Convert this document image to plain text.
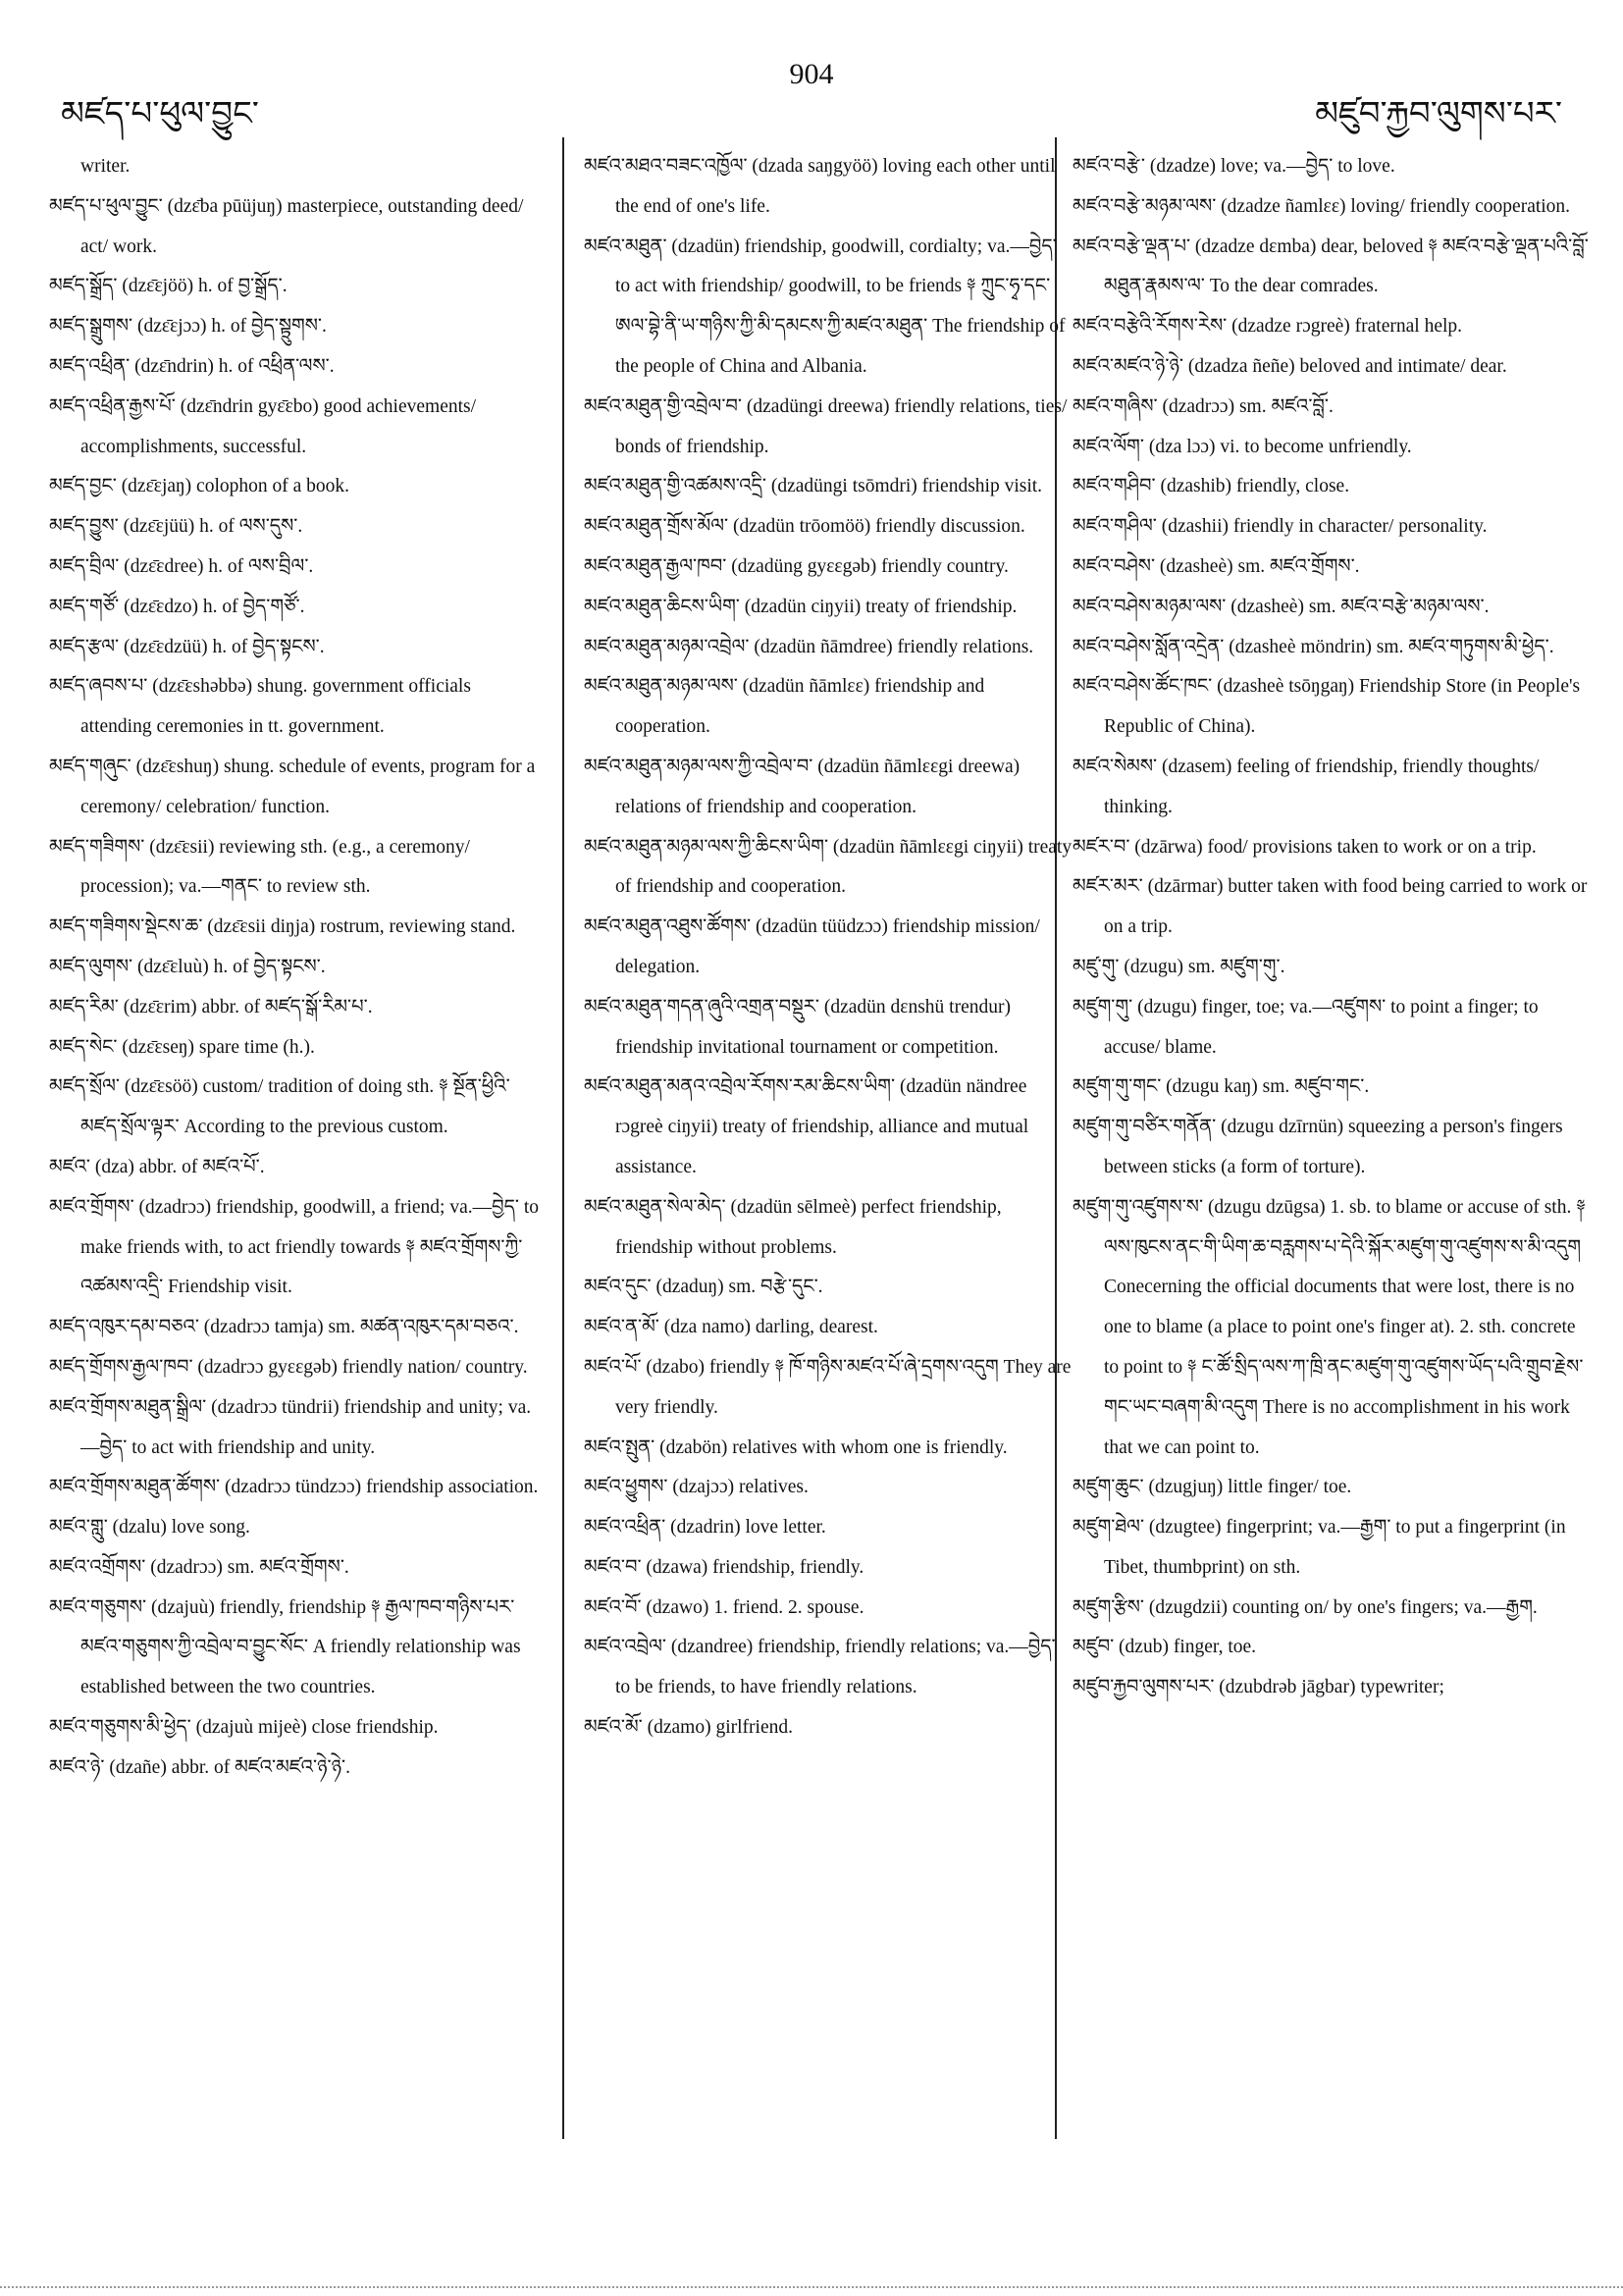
མཛད་པ་ཕུལ་བྱུང་
904
མཛུབ་རྐྱབ་ལུགས་པར་
writer.
མཛད་པ་ཕུལ་བྱུང་ (dzɛ̄ba pūüjuŋ) masterpiece, outstanding deed/ act/ work.
མཛད་སྒྲོད་ (dzɛ̄ɛjöö) h. of བྱ་སྒྲོད་.
མཛད་སྒྲུགས་ (dzɛ̄ɛjɔɔ) h. of བྱེད་སྟྲུགས་.
མཛད་འཕྲིན་ (dzɛ̄ndrin) h. of འཕྲིན་ལས་.
མཛད་འཕྲིན་རྒྱས་པོ་ (dzɛ̄ndrin gyɛ̄ɛbo) good achievements/ accomplishments, successful.
མཛད་བྱང་ (dzɛ̄ɛjaŋ) colophon of a book.
མཛད་བྱུས་ (dzɛ̄ɛjüü) h. of ལས་དུས་.
མཛད་བྲིལ་ (dzɛ̄ɛdree) h. of ལས་བྲིལ་.
མཛད་གཙོ་ (dzɛ̄ɛdzo) h. of བྱེད་གཙོ་.
མཛད་རྩལ་ (dzɛ̄ɛdzüü) h. of བྱེད་སྟངས་.
མཛད་ཞབས་པ་ (dzɛ̄ɛshəbbə) shung. government officials attending ceremonies in tt. government.
མཛད་གཞུང་ (dzɛ̄ɛshuŋ) shung. schedule of events, program for a ceremony/ celebration/ function.
མཛད་གཟིགས་ (dzɛ̄ɛsii) reviewing sth. (e.g., a ceremony/ procession); va.—གནང་ to review sth.
མཛད་གཟིགས་སྡེངས་ཆ་ (dzɛ̄ɛsii diŋja) rostrum, reviewing stand.
མཛད་ལུགས་ (dzɛ̄ɛluù) h. of བྱེད་སྟངས་.
མཛད་རིམ་ (dzɛ̄ɛrim) abbr. of མཛད་སྒོ་རིམ་པ་.
མཛད་སེང་ (dzɛ̄ɛseŋ) spare time (h.).
མཛད་སྲོལ་ (dzɛ̄ɛsöö) custom/ tradition of doing sth. ༈ སྔོན་ཕྱིའི་མཛད་སྲོལ་ལྟར་ According to the previous custom.
མཛའ་ (dza) abbr. of མཛའ་པོ་.
མཛའ་གྲོགས་ (dzadrɔɔ) friendship, goodwill, a friend; va.—བྱེད་ to make friends with, to act friendly towards ༈ མཛའ་གྲོགས་ཀྱི་འཚམས་འདྲི་ Friendship visit.
མཛད་འཁུར་དམ་བཅའ་ (dzadrɔɔ tamja) sm. མཚན་འཁུར་དམ་བཅའ་.
མཛད་གྲོགས་རྒྱལ་ཁབ་ (dzadrɔɔ gyɛɛgəb) friendly nation/ country.
མཛའ་གྲོགས་མཐུན་སྒྲིལ་ (dzadrɔɔ tündrii) friendship and unity; va.—བྱེད་ to act with friendship and unity.
མཛའ་གྲོགས་མཐུན་ཚོགས་ (dzadrɔɔ tündzɔɔ) friendship association.
མཛའ་གླུ་ (dzalu) love song.
མཛའ་འགྲོགས་ (dzadrɔɔ) sm. མཛའ་གྲོགས་.
མཛའ་གཅུགས་ (dzajuù) friendly, friendship ༈ རྒྱལ་ཁབ་གཉིས་པར་མཛའ་གཅུགས་ཀྱི་འབྲེལ་བ་བྱུང་སོང་ A friendly relationship was established between the two countries.
མཛའ་གཅུགས་མི་ཕྱེད་ (dzajuù mijeè) close friendship.
མཛའ་ཉེ་ (dzañe) abbr. of མཛའ་མཛའ་ཉེ་ཉེ་.
མཛའ་མཐའ་བཟང་འཁྱོལ་ (dzada saŋgyöö) loving each other until the end of one's life.
མཛའ་མཐུན་ (dzadün) friendship, goodwill, cordialty; va.—བྱེད་ to act with friendship/ goodwill, to be friends ༈ ཀྲུང་ཧྭ་དང་ཨལ་བྷེ་ནི་ཡ་གཉིས་ཀྱི་མི་དམངས་ཀྱི་མཛའ་མཐུན་ The friendship of the people of China and Albania.
མཛའ་མཐུན་གྱི་འབྲེལ་བ་ (dzadüngi dreewa) friendly relations, ties/ bonds of friendship.
མཛའ་མཐུན་གྱི་འཚམས་འདྲི་ (dzadüngi tsōmdri) friendship visit.
མཛའ་མཐུན་གྲོས་མོལ་ (dzadün trōomöö) friendly discussion.
མཛའ་མཐུན་རྒྱལ་ཁབ་ (dzadüng gyɛɛgəb) friendly country.
མཛའ་མཐུན་ཆིངས་ཡིག་ (dzadün ciŋyii) treaty of friendship.
མཛའ་མཐུན་མཉམ་འབྲེལ་ (dzadün ñāmdree) friendly relations.
མཛའ་མཐུན་མཉམ་ལས་ (dzadün ñāmlɛɛ) friendship and cooperation.
མཛའ་མཐུན་མཉམ་ལས་ཀྱི་འབྲེལ་བ་ (dzadün ñāmlɛɛgi dreewa) relations of friendship and cooperation.
མཛའ་མཐུན་མཉམ་ལས་ཀྱི་ཆིངས་ཡིག་ (dzadün ñāmlɛɛgi ciŋyii) treaty of friendship and cooperation.
མཛའ་མཐུན་འཐུས་ཚོགས་ (dzadün tüüdzɔɔ) friendship mission/ delegation.
མཛའ་མཐུན་གདན་ཞུའི་འགྲན་བསྡུར་ (dzadün dɛnshü trendur) friendship invitational tournament or competition.
མཛའ་མཐུན་མནའ་འབྲེལ་རོགས་རམ་ཆིངས་ཡིག་ (dzadün nändree rɔgreè ciŋyii) treaty of friendship, alliance and mutual assistance.
མཛའ་མཐུན་སེལ་མེད་ (dzadün sēlmeè) perfect friendship, friendship without problems.
མཛའ་དུང་ (dzaduŋ) sm. བརྩེ་དུང་.
མཛའ་ན་མོ་ (dza namo) darling, dearest.
མཛའ་པོ་ (dzabo) friendly ༈ ཁོ་གཉིས་མཛའ་པོ་ཞེ་དྲགས་འདུག They are very friendly.
མཛའ་སྤུན་ (dzabön) relatives with whom one is friendly.
མཛའ་ཕྱུགས་ (dzajɔɔ) relatives.
མཛའ་འཕྲིན་ (dzadrin) love letter.
མཛའ་བ་ (dzawa) friendship, friendly.
མཛའ་བོ་ (dzawo) 1. friend. 2. spouse.
མཛའ་འབྲེལ་ (dzandree) friendship, friendly relations; va.—བྱེད་ to be friends, to have friendly relations.
མཛའ་མོ་ (dzamo) girlfriend.
མཛའ་བརྩེ་ (dzadze) love; va.—བྱེད་ to love.
མཛའ་བརྩེ་མཉམ་ལས་ (dzadze ñamlɛɛ) loving/ friendly cooperation.
མཛའ་བརྩེ་ལྡན་པ་ (dzadze dɛmba) dear, beloved ༈ མཛའ་བརྩེ་ལྡན་པའི་བློ་མཐུན་རྣམས་ལ་ To the dear comrades.
མཛའ་བརྩེའི་རོགས་རེས་ (dzadze rɔgreè) fraternal help.
མཛའ་མཛའ་ཉེ་ཉེ་ (dzadza ñeñe) beloved and intimate/ dear.
མཛའ་གཞིས་ (dzadrɔɔ) sm. མཛའ་བློ་.
མཛའ་ལོག་ (dza lɔɔ) vi. to become unfriendly.
མཛའ་གཤིབ་ (dzashib) friendly, close.
མཛའ་གཤིལ་ (dzashii) friendly in character/ personality.
མཛའ་བཤེས་ (dzasheè) sm. མཛའ་གྲོགས་.
མཛའ་བཤེས་མཉམ་ལས་ (dzasheè) sm. མཛའ་བརྩེ་མཉམ་ལས་.
མཛའ་བཤེས་སློན་འདྲེན་ (dzasheè möndrin) sm. མཛའ་གཏུགས་མི་ཕྱེད་.
མཛའ་བཤེས་ཚོང་ཁང་ (dzasheè tsōŋgaŋ) Friendship Store (in People's Republic of China).
མཛའ་སེམས་ (dzasem) feeling of friendship, friendly thoughts/ thinking.
མཛར་བ་ (dzārwa) food/ provisions taken to work or on a trip.
མཛར་མར་ (dzārmar) butter taken with food being carried to work or on a trip.
མཛུ་གུ་ (dzugu) sm. མཛུག་གུ་.
མཛུག་གུ་ (dzugu) finger, toe; va.—འཛུགས་ to point a finger; to accuse/ blame.
མཛུག་གུ་གང་ (dzugu kaŋ) sm. མཛུབ་གང་.
མཛུག་གུ་བཙིར་གནོན་ (dzugu dzīrnün) squeezing a person's fingers between sticks (a form of torture).
མཛུག་གུ་འཛུགས་ས་ (dzugu dzūgsa) 1. sb. to blame or accuse of sth. ༈ ལས་ཁུངས་ནང་གི་ཡིག་ཆ་བརླགས་པ་དེའི་སྐོར་མཛུག་གུ་འཛུགས་ས་མི་འདུག Conecerning the official documents that were lost, there is no one to blame (a place to point one's finger at). 2. sth. concrete to point to ༈ ང་ཚོ་སྲིད་ལས་ཀ་ཁྲི་ནང་མཛུག་གུ་འཛུགས་ཡོད་པའི་གྲུབ་རྗེས་གང་ཡང་བཞག་མི་འདུག There is no accomplishment in his work that we can point to.
མཛུག་ཆུང་ (dzugjuŋ) little finger/ toe.
མཛུག་ཐེལ་ (dzugtee) fingerprint; va.—རྒྱག་ to put a fingerprint (in Tibet, thumbprint) on sth.
མཛུག་རྩིས་ (dzugdzii) counting on/ by one's fingers; va.—རྒྱག.
མཛུབ་ (dzub) finger, toe.
མཛུབ་རྐྱབ་ལུགས་པར་ (dzubdrəb jāgbar) typewriter;
